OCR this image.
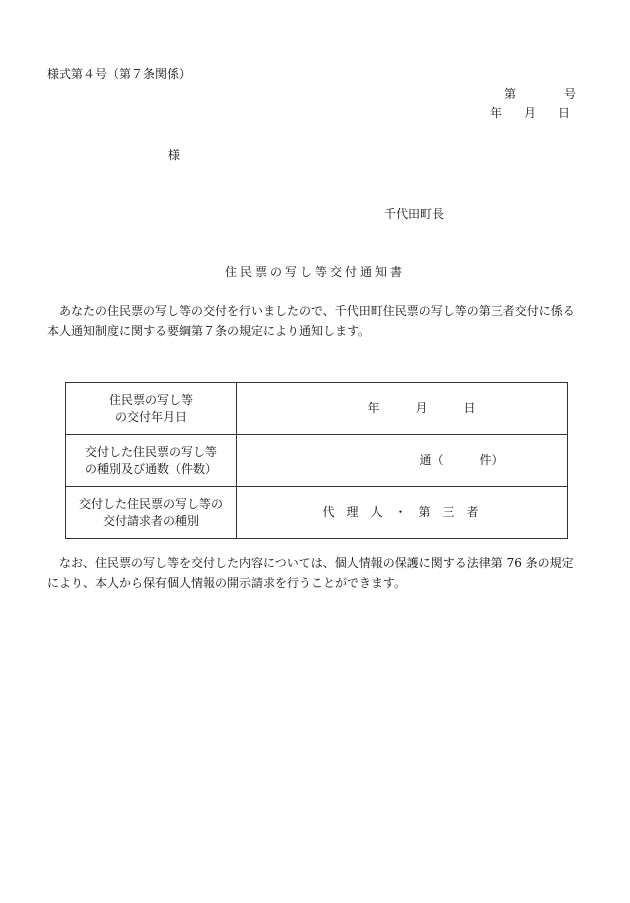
様式第４号（第７条関係）
第	号
年 月 日
様
千代田町長
住民票の写し等交付通知書
あなたの住民票の写し等の交付を行いましたので、千代田町住民票の写し等の第三者交付に係る本人通知制度に関する要綱第７条の規定により通知します。
住民票の写し等
の交付年月日	年 月 日

交付した住民票の写し等
の種別及び通数（件数）	通（ 件）

交付した住民票の写し等の
交付請求者の種別	代理人・第三者
なお、住民票の写し等を交付した内容については、個人情報の保護に関する法律第 76 条の規定により、本人から保有個人情報の開示請求を行うことができます。
